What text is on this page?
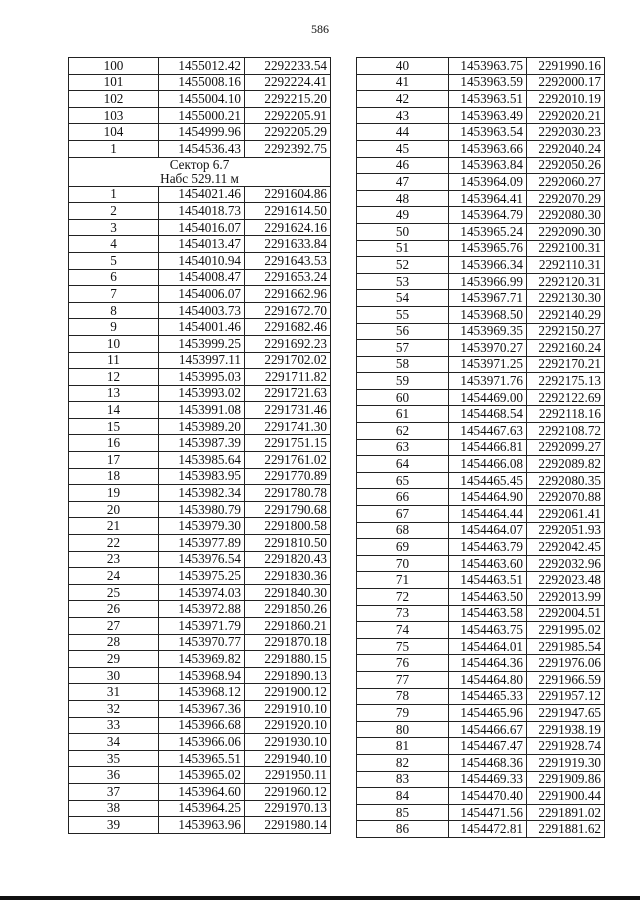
586
100	1455012.42	2292233.54
101	1455008.16	2292224.41
102	1455004.10	2292215.20
103	1455000.21	2292205.91
104	1454999.96	2292205.29
1	1454536.43	2292392.75

Сектор 6.7
Набс 529.11 м		

1	1454021.46	2291604.86
2	1454018.73	2291614.50
3	1454016.07	2291624.16
4	1454013.47	2291633.84
5	1454010.94	2291643.53
6	1454008.47	2291653.24
7	1454006.07	2291662.96
8	1454003.73	2291672.70
9	1454001.46	2291682.46
10	1453999.25	2291692.23
11	1453997.11	2291702.02
12	1453995.03	2291711.82
13	1453993.02	2291721.63
14	1453991.08	2291731.46
15	1453989.20	2291741.30
16	1453987.39	2291751.15
17	1453985.64	2291761.02
18	1453983.95	2291770.89
19	1453982.34	2291780.78
20	1453980.79	2291790.68
21	1453979.30	2291800.58
22	1453977.89	2291810.50
23	1453976.54	2291820.43
24	1453975.25	2291830.36
25	1453974.03	2291840.30
26	1453972.88	2291850.26
27	1453971.79	2291860.21
28	1453970.77	2291870.18
29	1453969.82	2291880.15
30	1453968.94	2291890.13
31	1453968.12	2291900.12
32	1453967.36	2291910.10
33	1453966.68	2291920.10
34	1453966.06	2291930.10
35	1453965.51	2291940.10
36	1453965.02	2291950.11
37	1453964.60	2291960.12
38	1453964.25	2291970.13
39	1453963.96	2291980.14
40	1453963.75	2291990.16
41	1453963.59	2292000.17
42	1453963.51	2292010.19
43	1453963.49	2292020.21
44	1453963.54	2292030.23
45	1453963.66	2292040.24
46	1453963.84	2292050.26
47	1453964.09	2292060.27
48	1453964.41	2292070.29
49	1453964.79	2292080.30
50	1453965.24	2292090.30
51	1453965.76	2292100.31
52	1453966.34	2292110.31
53	1453966.99	2292120.31
54	1453967.71	2292130.30
55	1453968.50	2292140.29
56	1453969.35	2292150.27
57	1453970.27	2292160.24
58	1453971.25	2292170.21
59	1453971.76	2292175.13
60	1454469.00	2292122.69
61	1454468.54	2292118.16
62	1454467.63	2292108.72
63	1454466.81	2292099.27
64	1454466.08	2292089.82
65	1454465.45	2292080.35
66	1454464.90	2292070.88
67	1454464.44	2292061.41
68	1454464.07	2292051.93
69	1454463.79	2292042.45
70	1454463.60	2292032.96
71	1454463.51	2292023.48
72	1454463.50	2292013.99
73	1454463.58	2292004.51
74	1454463.75	2291995.02
75	1454464.01	2291985.54
76	1454464.36	2291976.06
77	1454464.80	2291966.59
78	1454465.33	2291957.12
79	1454465.96	2291947.65
80	1454466.67	2291938.19
81	1454467.47	2291928.74
82	1454468.36	2291919.30
83	1454469.33	2291909.86
84	1454470.40	2291900.44
85	1454471.56	2291891.02
86	1454472.81	2291881.62
